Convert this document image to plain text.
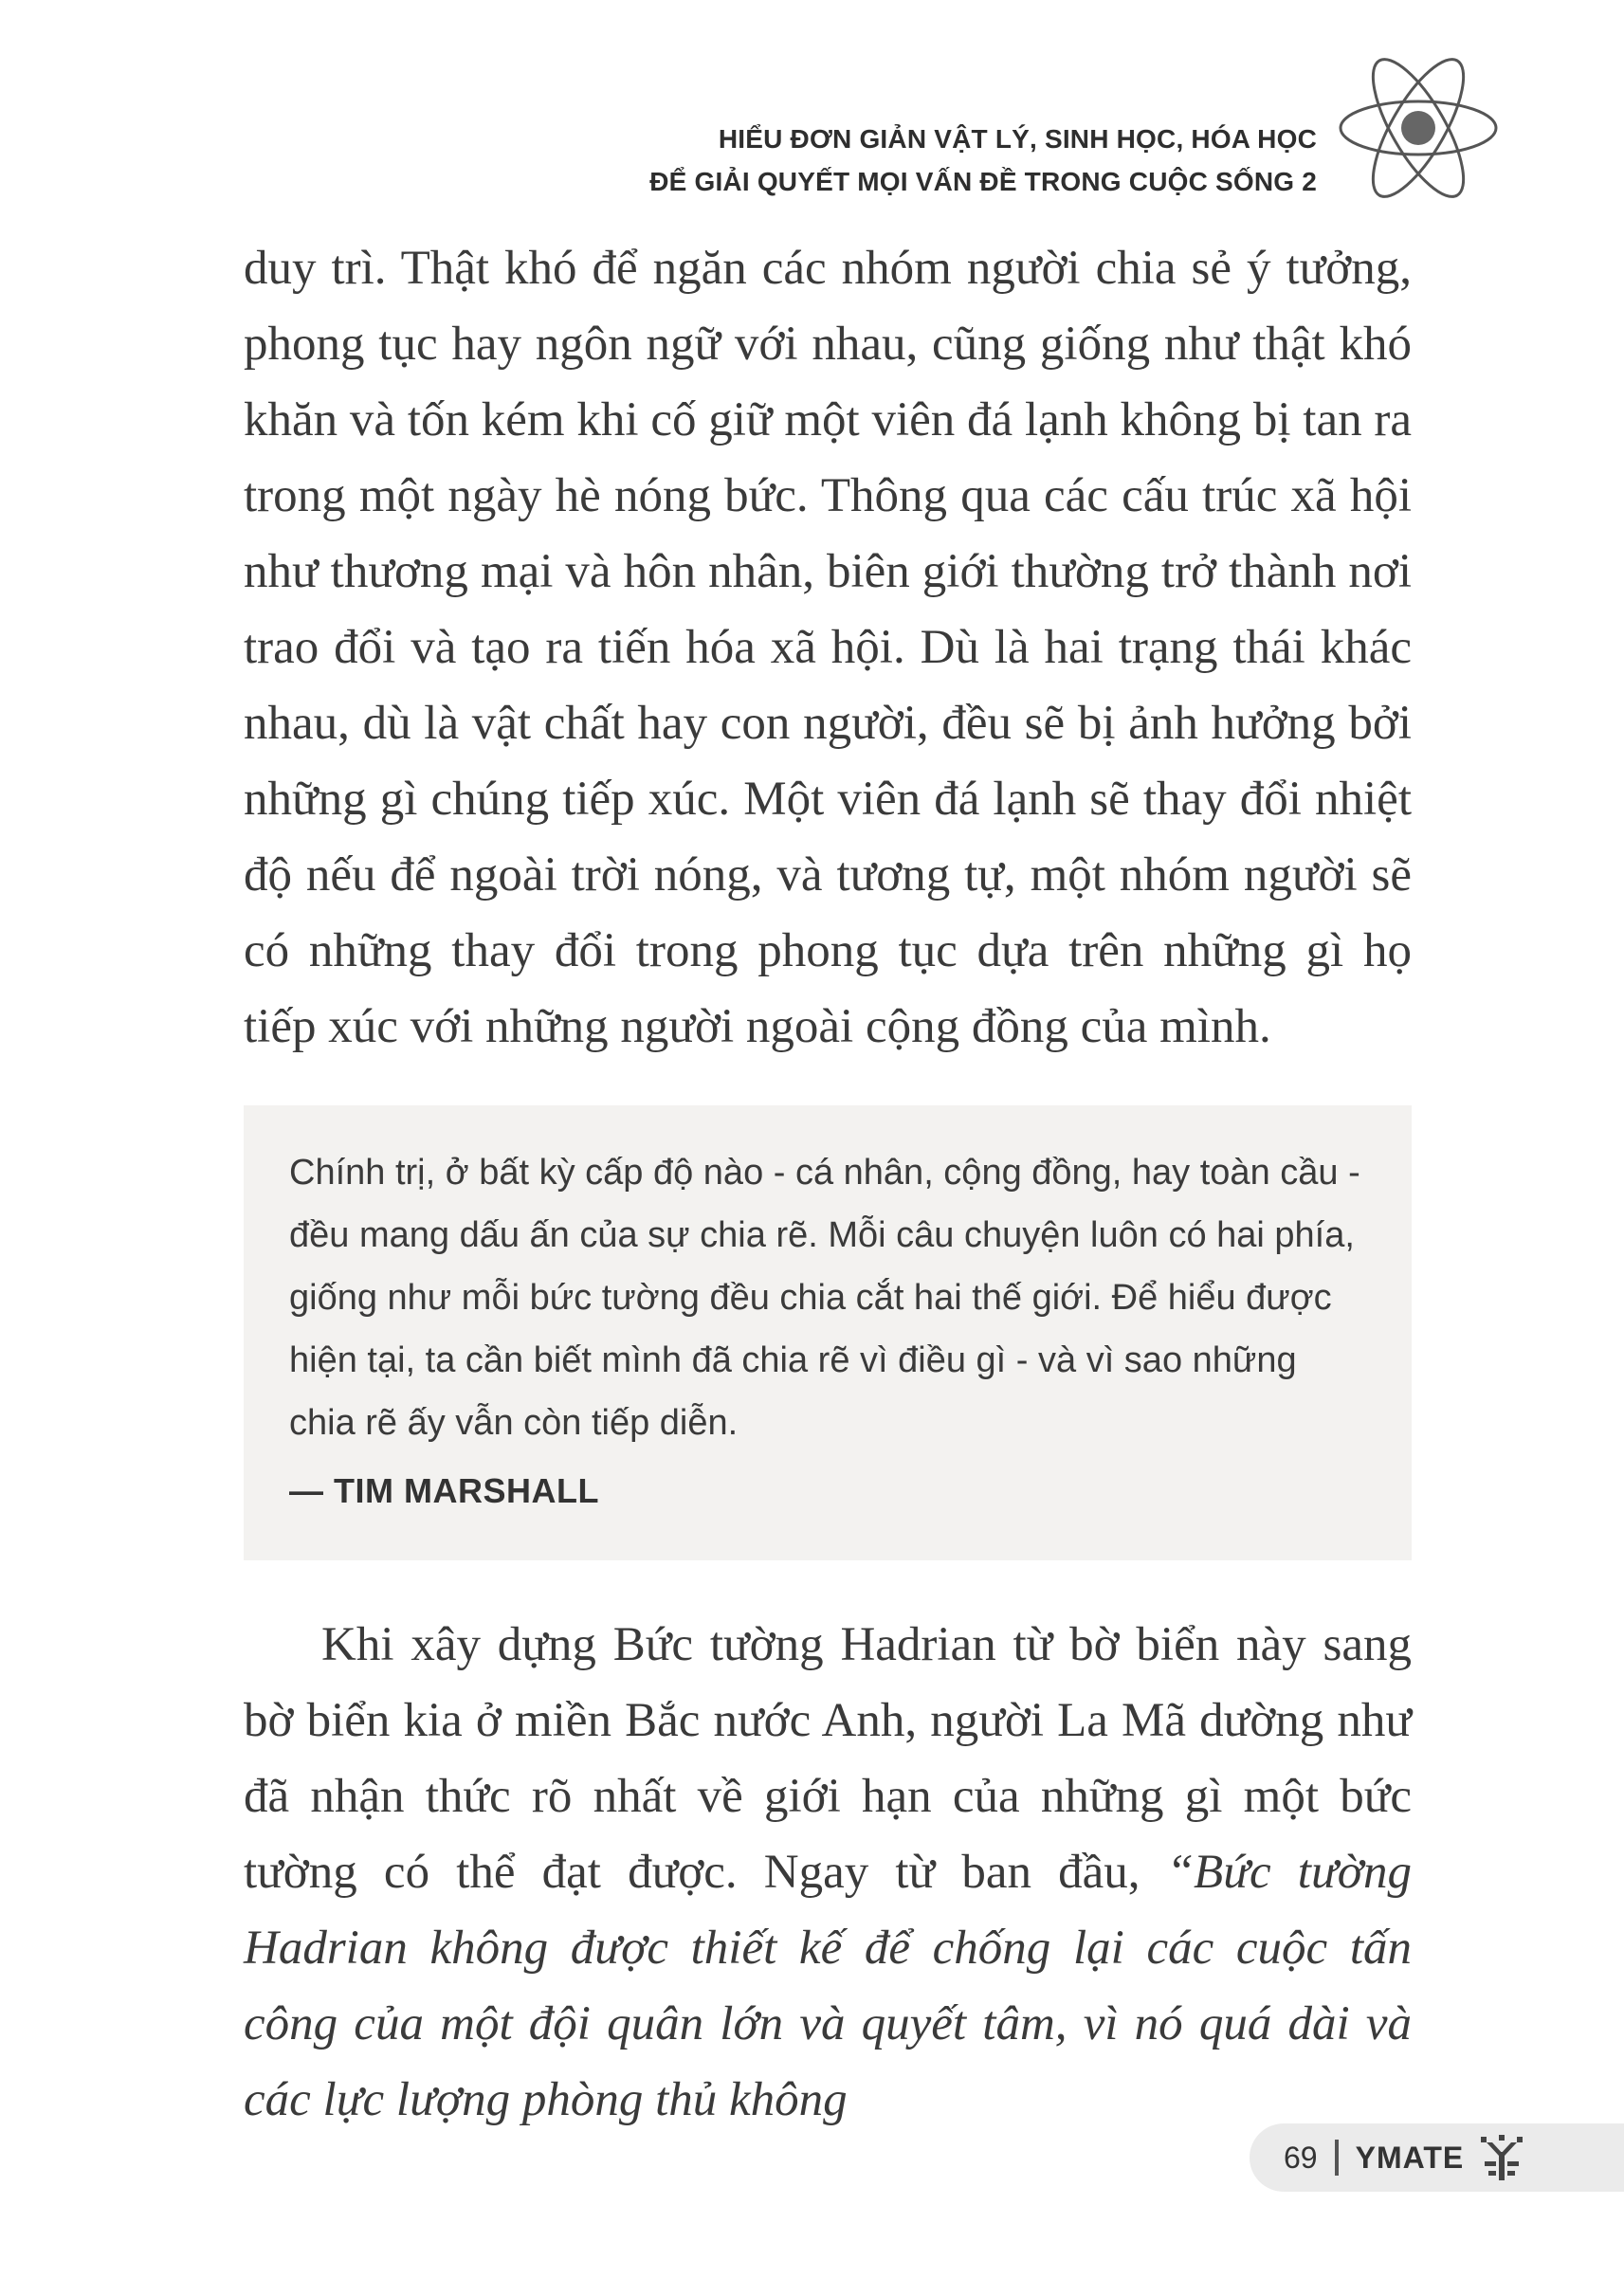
HIỂU ĐƠN GIẢN VẬT LÝ, SINH HỌC, HÓA HỌC
ĐỂ GIẢI QUYẾT MỌI VẤN ĐỀ TRONG CUỘC SỐNG 2
duy trì. Thật khó để ngăn các nhóm người chia sẻ ý tưởng, phong tục hay ngôn ngữ với nhau, cũng giống như thật khó khăn và tốn kém khi cố giữ một viên đá lạnh không bị tan ra trong một ngày hè nóng bức. Thông qua các cấu trúc xã hội như thương mại và hôn nhân, biên giới thường trở thành nơi trao đổi và tạo ra tiến hóa xã hội. Dù là hai trạng thái khác nhau, dù là vật chất hay con người, đều sẽ bị ảnh hưởng bởi những gì chúng tiếp xúc. Một viên đá lạnh sẽ thay đổi nhiệt độ nếu để ngoài trời nóng, và tương tự, một nhóm người sẽ có những thay đổi trong phong tục dựa trên những gì họ tiếp xúc với những người ngoài cộng đồng của mình.
Chính trị, ở bất kỳ cấp độ nào - cá nhân, cộng đồng, hay toàn cầu - đều mang dấu ấn của sự chia rẽ. Mỗi câu chuyện luôn có hai phía, giống như mỗi bức tường đều chia cắt hai thế giới. Để hiểu được hiện tại, ta cần biết mình đã chia rẽ vì điều gì - và vì sao những chia rẽ ấy vẫn còn tiếp diễn.
— TIM MARSHALL
Khi xây dựng Bức tường Hadrian từ bờ biển này sang bờ biển kia ở miền Bắc nước Anh, người La Mã dường như đã nhận thức rõ nhất về giới hạn của những gì một bức tường có thể đạt được. Ngay từ ban đầu, “Bức tường Hadrian không được thiết kế để chống lại các cuộc tấn công của một đội quân lớn và quyết tâm, vì nó quá dài và các lực lượng phòng thủ không
69 YMATE
